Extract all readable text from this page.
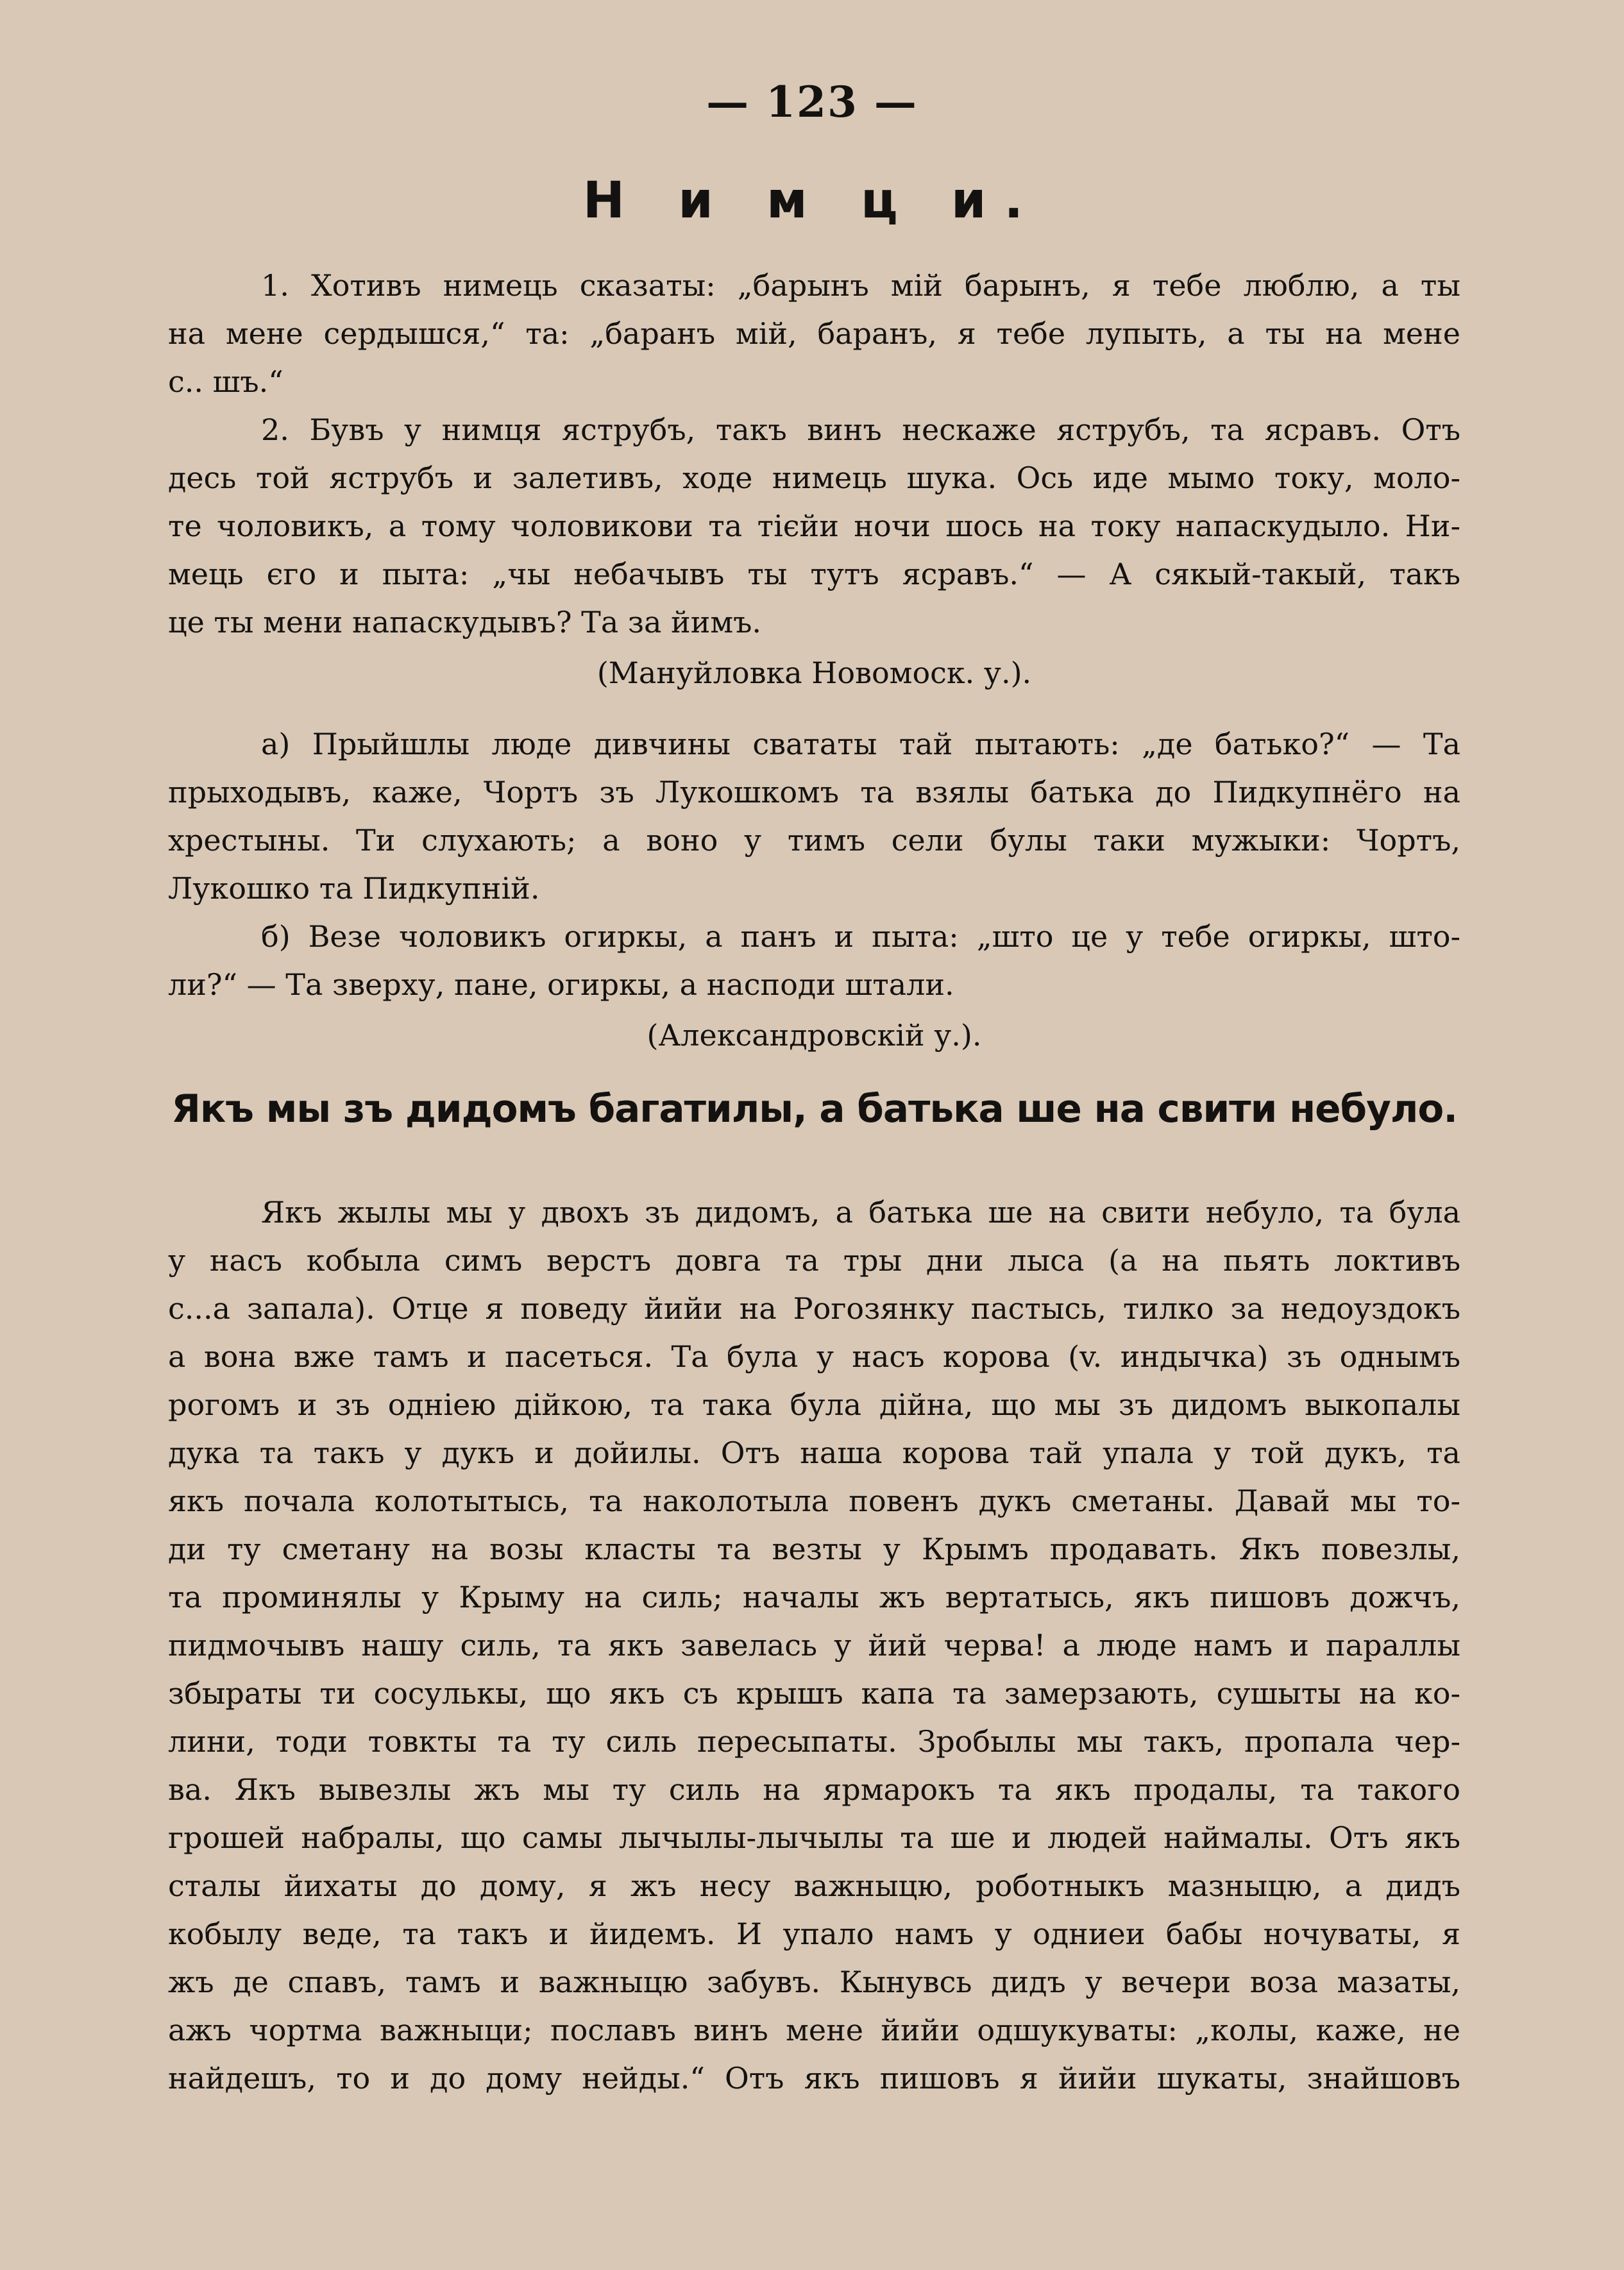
— 123 —
Н и м ц и.
1. Хотивъ нимець сказаты: „барынъ мій барынъ, я тебе люблю, а ты
на мене сердышся,“ та: „баранъ мій, баранъ, я тебе лупыть, а ты на мене
с.. шъ.“
2. Бувъ у нимця яструбъ, такъ винъ нескаже яструбъ, та ясравъ. Отъ
десь той яструбъ и залетивъ, ходе нимець шука. Ось иде мымо току, моло-
те чоловикъ, а тому чоловикови та тієйи ночи шось на току напаскудыло. Ни-
мець єго и пыта: „чы небачывъ ты тутъ ясравъ.“ — А сякый-такый, такъ
це ты мени напаскудывъ? Та за йимъ.
(Мануйловка Новомоск. у.).
а) Прыйшлы люде дивчины свататы тай пытають: „де батько?“ — Та
прыходывъ, каже, Чортъ зъ Лукошкомъ та взялы батька до Пидкупнёго на
хрестыны. Ти слухають; а воно у тимъ сели булы таки мужыки: Чортъ,
Лукошко та Пидкупній.
б) Везе чоловикъ огиркы, а панъ и пыта: „што це у тебе огиркы, што-
ли?“ — Та зверху, пане, огиркы, а насподи штали.
(Александровскій у.).
Якъ мы зъ дидомъ багатилы, а батька ше на свити небуло.
Якъ жылы мы у двохъ зъ дидомъ, а батька ше на свити небуло, та була
у насъ кобыла симъ верстъ довга та тры дни лыса (а на пьять локтивъ
с...а запала). Отце я поведу йийи на Рогозянку пастысь, тилко за недоуздокъ
а вона вже тамъ и пасеться. Та була у насъ корова (v. индычка) зъ однымъ
рогомъ и зъ одніею дійкою, та така була дійна, що мы зъ дидомъ выкопалы
дука та такъ у дукъ и дойилы. Отъ наша корова тай упала у той дукъ, та
якъ почала колотытысь, та наколотыла повенъ дукъ сметаны. Давай мы то-
ди ту сметану на возы класты та везты у Крымъ продавать. Якъ повезлы,
та проминялы у Крыму на силь; началы жъ вертатысь, якъ пишовъ дожчъ,
пидмочывъ нашу силь, та якъ завелась у йий черва! а люде намъ и параллы
збыраты ти сосулькы, що якъ съ крышъ капа та замерзають, сушыты на ко-
лини, тоди товкты та ту силь пересыпаты. Зробылы мы такъ, пропала чер-
ва. Якъ вывезлы жъ мы ту силь на ярмарокъ та якъ продалы, та такого
грошей набралы, що самы лычылы-лычылы та ше и людей наймалы. Отъ якъ
сталы йихаты до дому, я жъ несу важныцю, роботныкъ мазныцю, а дидъ
кобылу веде, та такъ и йидемъ. И упало намъ у одниеи бабы ночуваты, я
жъ де спавъ, тамъ и важныцю забувъ. Кынувсь дидъ у вечери воза мазаты,
ажъ чортма важныци; пославъ винъ мене йийи одшукуваты: „колы, каже, не
найдешъ, то и до дому нейды.“ Отъ якъ пишовъ я йийи шукаты, знайшовъ
